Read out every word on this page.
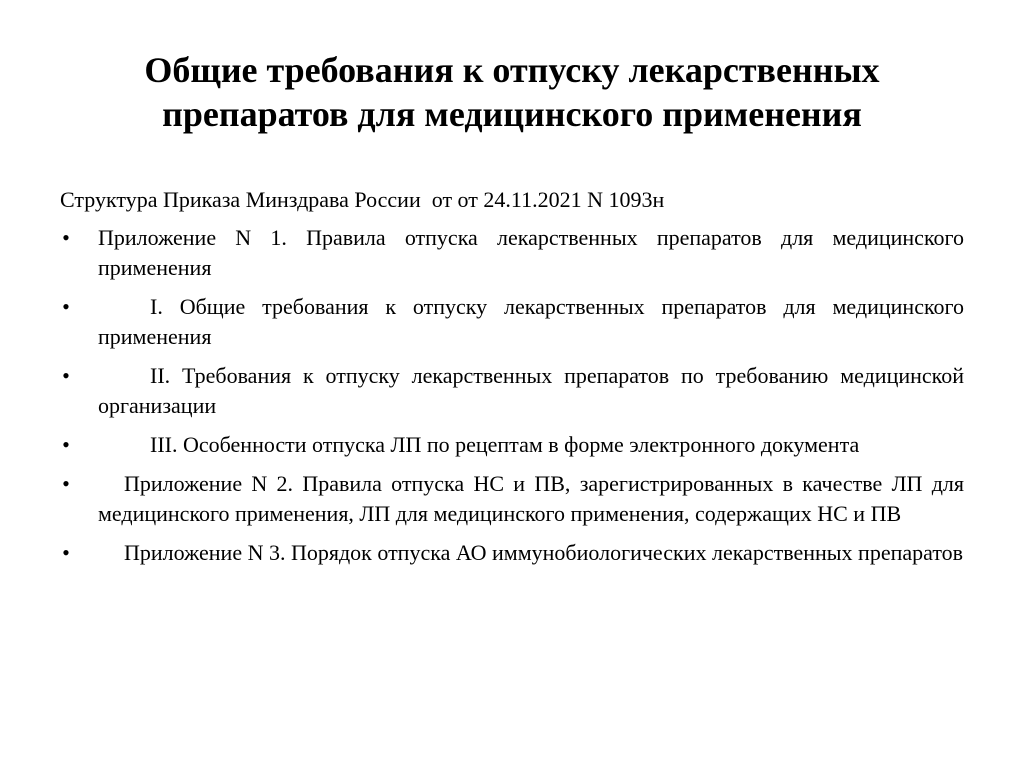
Общие требования к отпуску лекарственных
препаратов для медицинского применения
Структура Приказа Минздрава России  от от 24.11.2021 N 1093н
• Приложение N 1. Правила отпуска лекарственных препаратов для медицинского применения
•	I. Общие требования к отпуску лекарственных препаратов для медицинского применения
•	II. Требования к отпуску лекарственных препаратов по требованию медицинской организации
•	III. Особенности отпуска ЛП по рецептам в форме электронного документа
•	Приложение N 2. Правила отпуска НС и ПВ, зарегистрированных в качестве ЛП для медицинского применения, ЛП для медицинского применения, содержащих НС и ПВ
•	Приложение N 3. Порядок отпуска АО иммунобиологических лекарственных препаратов
